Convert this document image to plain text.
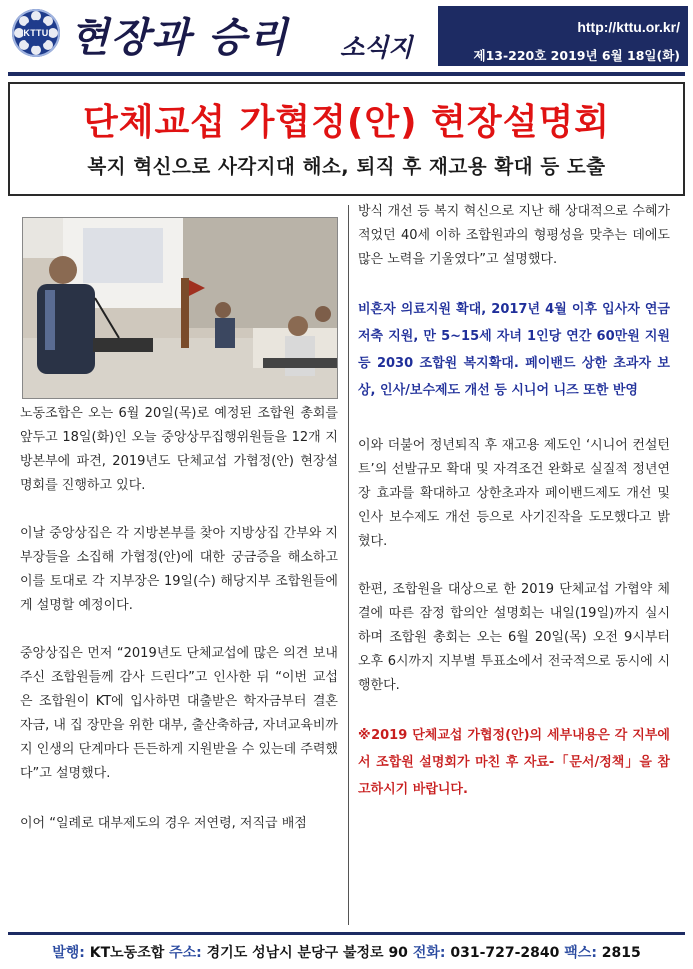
KTTU 현장과 승리 소식지
http://kttu.or.kr/
제13-220호 2019년 6월 18일(화)
단체교섭 가협정(안) 현장설명회
복지 혁신으로 사각지대 해소, 퇴직 후 재고용 확대 등 도출

노동조합은 오는 6월 20일(목)로 예정된 조합원 총회를 앞두고 18일(화)인 오늘 중앙상무집행위원들을 12개 지방본부에 파견, 2019년도 단체교섭 가협정(안) 현장설명회를 진행하고 있다.

이날 중앙상집은 각 지방본부를 찾아 지방상집 간부와 지부장들을 소집해 가협정(안)에 대한 궁금증을 해소하고 이를 토대로 각 지부장은 19일(수) 해당지부 조합원들에게 설명할 예정이다.

중앙상집은 먼저 “2019년도 단체교섭에 많은 의견 보내주신 조합원들께 감사 드린다”고 인사한 뒤 “이번 교섭은 조합원이 KT에 입사하면 대출받은 학자금부터 결혼 자금, 내 집 장만을 위한 대부, 출산축하금, 자녀교육비까지 인생의 단계마다 든든하게 지원받을 수 있는데 주력했다”고 설명했다.

이어 “일례로 대부제도의 경우 저연령, 저직급 배점

방식 개선 등 복지 혁신으로 지난 해 상대적으로 수혜가 적었던 40세 이하 조합원과의 형평성을 맞추는 데에도 많은 노력을 기울였다”고 설명했다.

비혼자 의료지원 확대, 2017년 4월 이후 입사자 연금저축 지원, 만 5~15세 자녀 1인당 연간 60만원 지원 등 2030 조합원 복지확대. 페이밴드 상한 초과자 보상, 인사/보수제도 개선 등 시니어 니즈 또한 반영

이와 더불어 정년퇴직 후 재고용 제도인 ‘시니어 컨설턴트’의 선발규모 확대 및 자격조건 완화로 실질적 정년연장 효과를 확대하고 상한초과자 페이밴드제도 개선 및 인사 보수제도 개선 등으로 사기진작을 도모했다고 밝혔다.

한편, 조합원을 대상으로 한 2019 단체교섭 가협약 체결에 따른 잠정 합의안 설명회는 내일(19일)까지 실시하며 조합원 총회는 오는 6월 20일(목) 오전 9시부터 오후 6시까지 지부별 투표소에서 전국적으로 동시에 시행한다.

※2019 단체교섭 가협정(안)의 세부내용은 각 지부에서 조합원 설명회가 마친 후 자료-「문서/정책」을 참고하시기 바랍니다.

발행: KT노동조합 주소: 경기도 성남시 분당구 불정로 90 전화: 031-727-2840 팩스: 2815
